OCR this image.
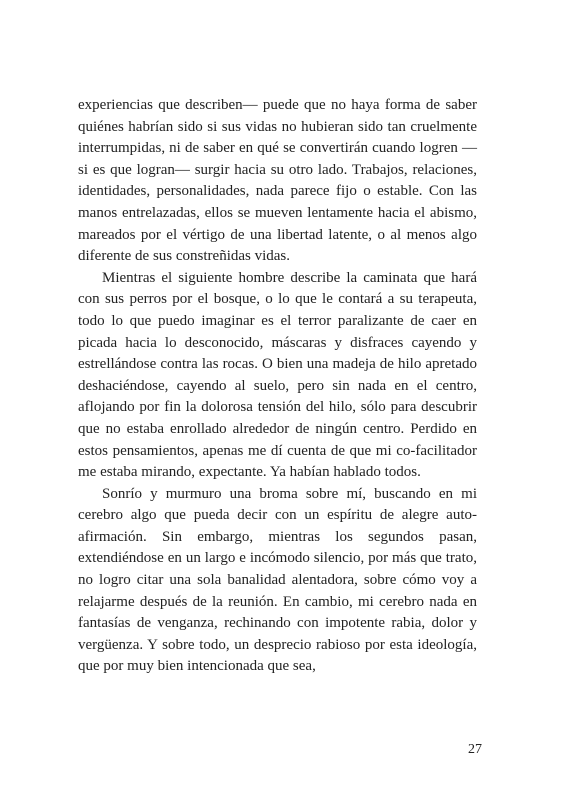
experiencias que describen— puede que no haya forma de saber quiénes habrían sido si sus vidas no hubieran sido tan cruelmente interrumpidas, ni de saber en qué se convertirán cuando logren —si es que logran— surgir hacia su otro lado. Trabajos, relaciones, identidades, personalidades, nada parece fijo o estable. Con las manos entrelazadas, ellos se mueven lentamente hacia el abismo, mareados por el vértigo de una libertad latente, o al menos algo diferente de sus constreñidas vidas.

Mientras el siguiente hombre describe la caminata que hará con sus perros por el bosque, o lo que le contará a su terapeuta, todo lo que puedo imaginar es el terror paralizante de caer en picada hacia lo desconocido, máscaras y disfraces cayendo y estrellándose contra las rocas. O bien una madeja de hilo apretado deshaciéndose, cayendo al suelo, pero sin nada en el centro, aflojando por fin la dolorosa tensión del hilo, sólo para descubrir que no estaba enrollado alrededor de ningún centro. Perdido en estos pensamientos, apenas me dí cuenta de que mi co-facilitador me estaba mirando, expectante. Ya habían hablado todos.

Sonrío y murmuro una broma sobre mí, buscando en mi cerebro algo que pueda decir con un espíritu de alegre auto-afirmación. Sin embargo, mientras los segundos pasan, extendiéndose en un largo e incómodo silencio, por más que trato, no logro citar una sola banalidad alentadora, sobre cómo voy a relajarme después de la reunión. En cambio, mi cerebro nada en fantasías de venganza, rechinando con impotente rabia, dolor y vergüenza. Y sobre todo, un desprecio rabioso por esta ideología, que por muy bien intencionada que sea,

27
